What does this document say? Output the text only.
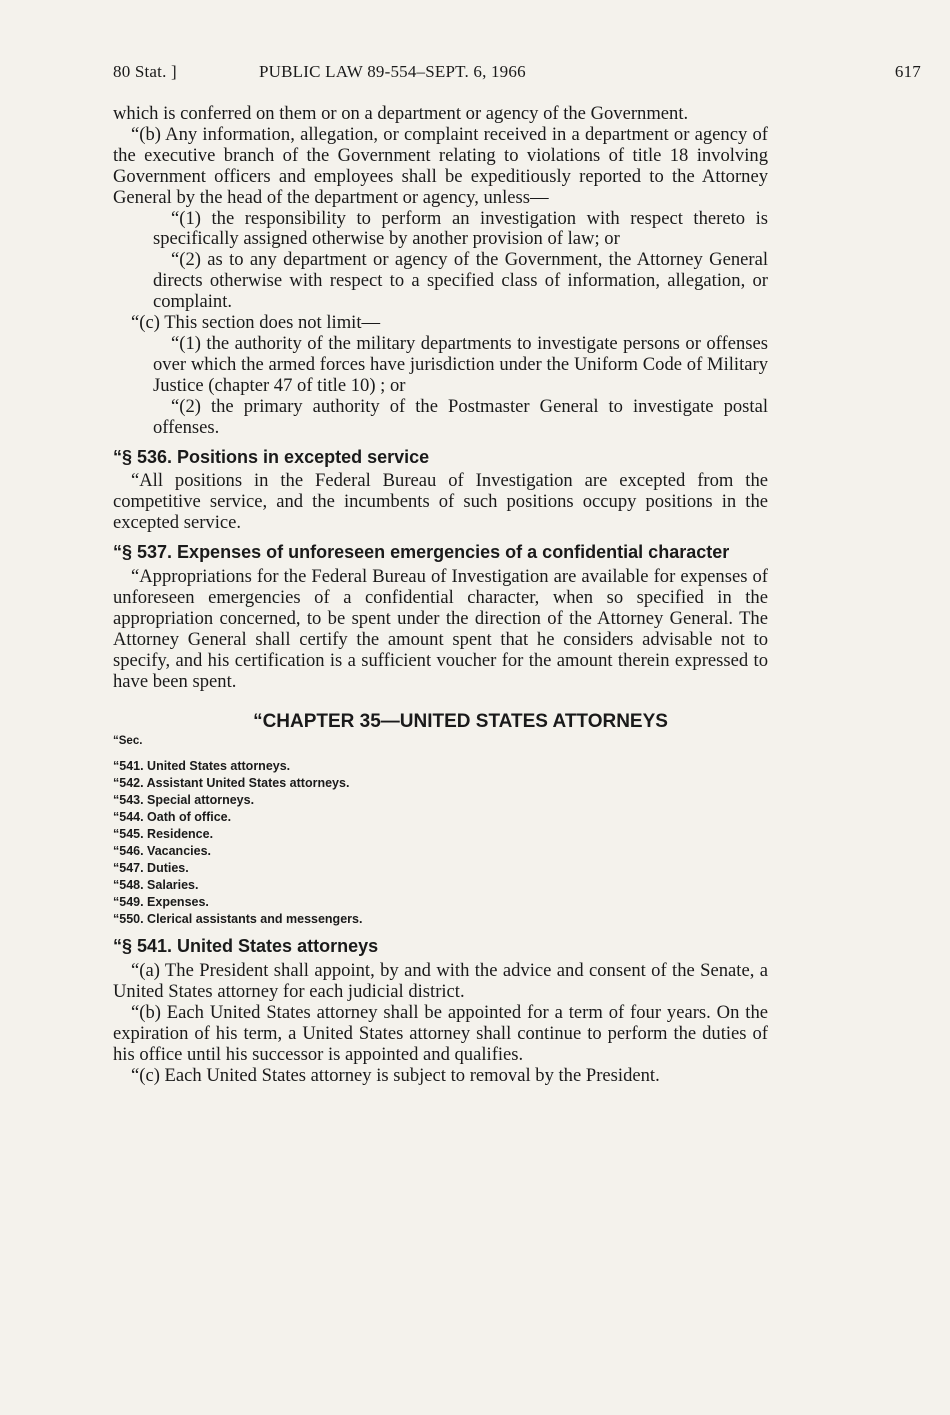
80 Stat. ]	PUBLIC LAW 89-554–SEPT. 6, 1966	617

which is conferred on them or on a department or agency of the Government.

“(b) Any information, allegation, or complaint received in a department or agency of the executive branch of the Government relating to violations of title 18 involving Government officers and employees shall be expeditiously reported to the Attorney General by the head of the department or agency, unless—

“(1) the responsibility to perform an investigation with respect thereto is specifically assigned otherwise by another provision of law; or

“(2) as to any department or agency of the Government, the Attorney General directs otherwise with respect to a specified class of information, allegation, or complaint.

“(c) This section does not limit—

“(1) the authority of the military departments to investigate persons or offenses over which the armed forces have jurisdiction under the Uniform Code of Military Justice (chapter 47 of title 10) ; or

“(2) the primary authority of the Postmaster General to investigate postal offenses.

“§ 536. Positions in excepted service

“All positions in the Federal Bureau of Investigation are excepted from the competitive service, and the incumbents of such positions occupy positions in the excepted service.

“§ 537. Expenses of unforeseen emergencies of a confidential character

“Appropriations for the Federal Bureau of Investigation are available for expenses of unforeseen emergencies of a confidential character, when so specified in the appropriation concerned, to be spent under the direction of the Attorney General. The Attorney General shall certify the amount spent that he considers advisable not to specify, and his certification is a sufficient voucher for the amount therein expressed to have been spent.

“CHAPTER 35—UNITED STATES ATTORNEYS

“Sec.

“541. United States attorneys.
“542. Assistant United States attorneys.
“543. Special attorneys.
“544. Oath of office.
“545. Residence.
“546. Vacancies.
“547. Duties.
“548. Salaries.
“549. Expenses.
“550. Clerical assistants and messengers.

“§ 541. United States attorneys

“(a) The President shall appoint, by and with the advice and consent of the Senate, a United States attorney for each judicial district.

“(b) Each United States attorney shall be appointed for a term of four years. On the expiration of his term, a United States attorney shall continue to perform the duties of his office until his successor is appointed and qualifies.

“(c) Each United States attorney is subject to removal by the President.
